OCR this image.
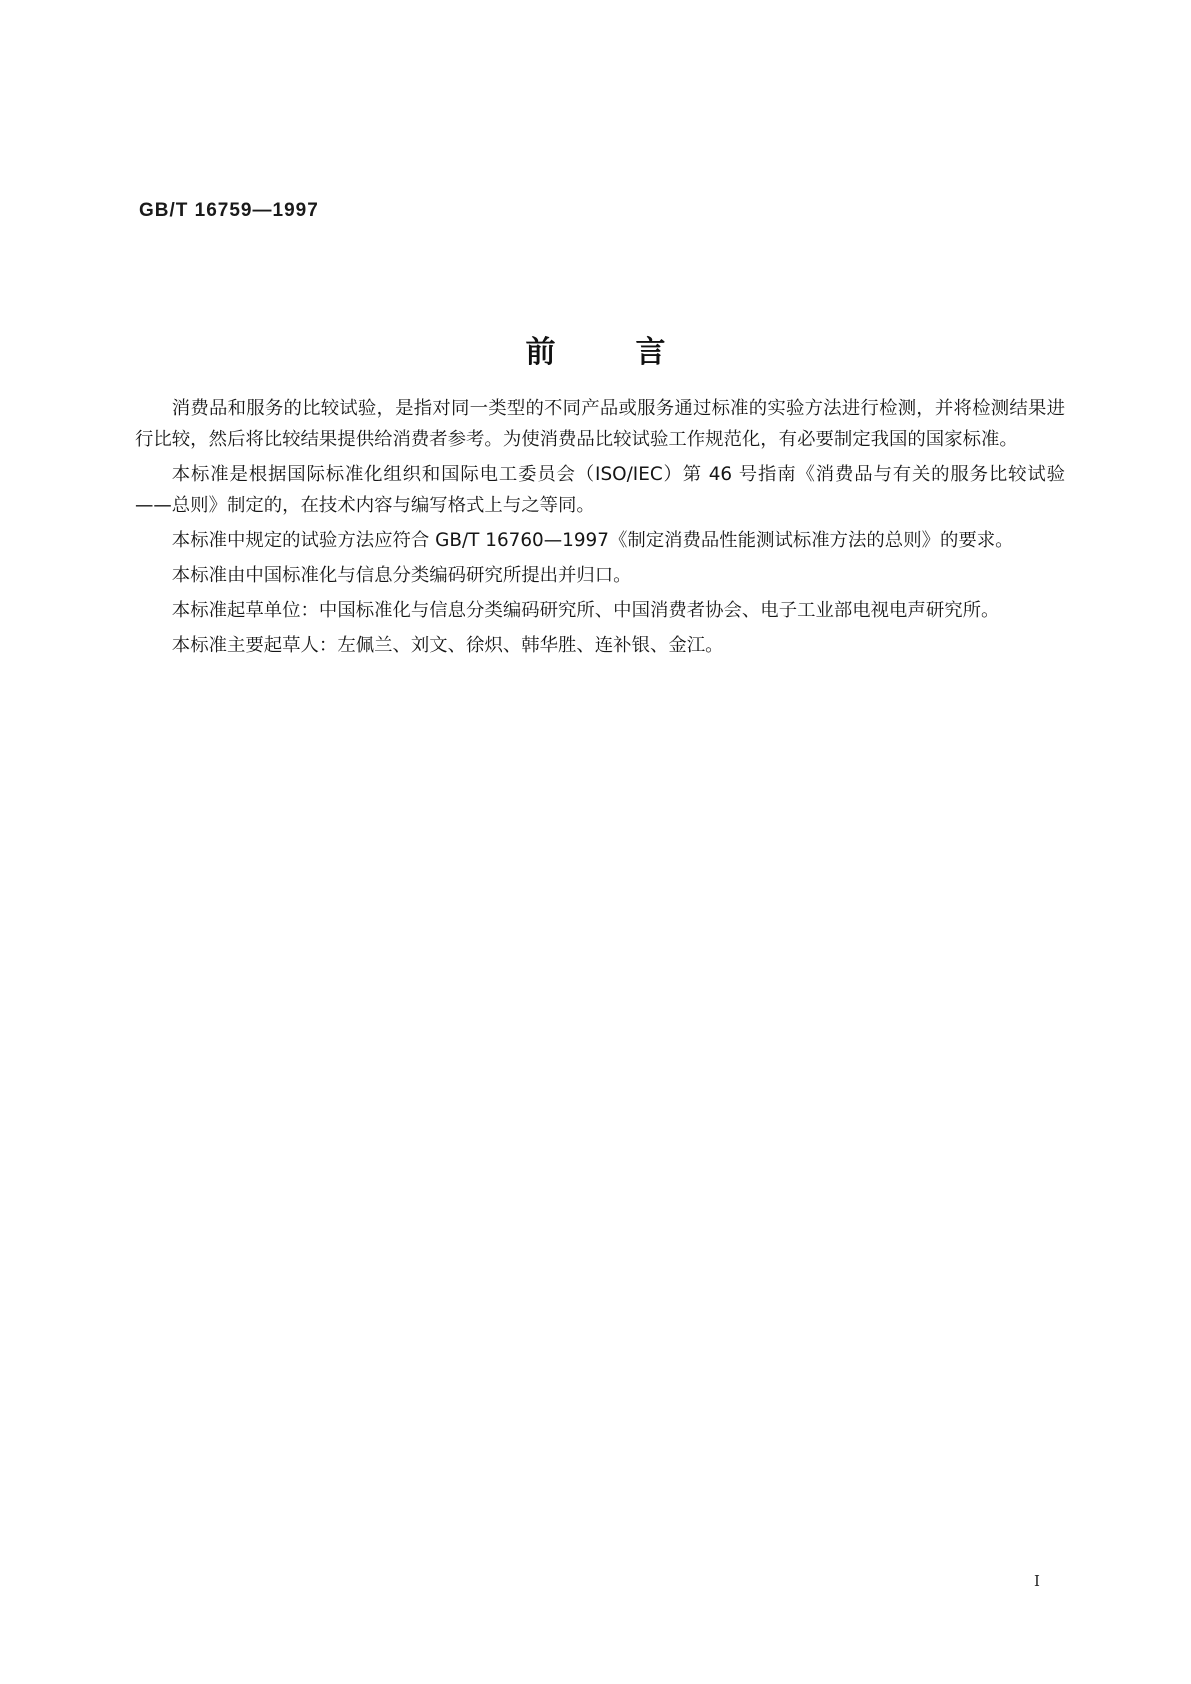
GB/T 16759—1997
前言

消费品和服务的比较试验，是指对同一类型的不同产品或服务通过标准的实验方法进行检测，并将检测结果进行比较，然后将比较结果提供给消费者参考。为使消费品比较试验工作规范化，有必要制定我国的国家标准。

本标准是根据国际标准化组织和国际电工委员会（ISO/IEC）第 46 号指南《消费品与有关的服务比较试验——总则》制定的，在技术内容与编写格式上与之等同。

本标准中规定的试验方法应符合 GB/T 16760—1997《制定消费品性能测试标准方法的总则》的要求。

本标准由中国标准化与信息分类编码研究所提出并归口。

本标准起草单位：中国标准化与信息分类编码研究所、中国消费者协会、电子工业部电视电声研究所。

本标准主要起草人：左佩兰、刘文、徐炽、韩华胜、连补银、金江。

I
